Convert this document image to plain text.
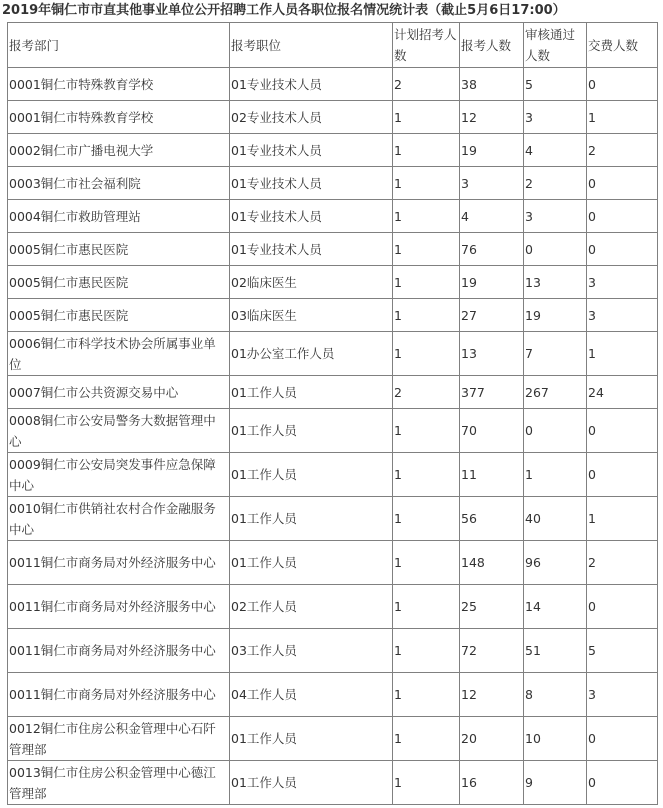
2019年铜仁市市直其他事业单位公开招聘工作人员各职位报名情况统计表（截止5月6日17:00）
报考部门	报考职位	计划招考人数	报考人数	审核通过人数	交费人数
0001铜仁市特殊教育学校	01专业技术人员	2	38	5	0
0001铜仁市特殊教育学校	02专业技术人员	1	12	3	1
0002铜仁市广播电视大学	01专业技术人员	1	19	4	2
0003铜仁市社会福利院	01专业技术人员	1	3	2	0
0004铜仁市救助管理站	01专业技术人员	1	4	3	0
0005铜仁市惠民医院	01专业技术人员	1	76	0	0
0005铜仁市惠民医院	02临床医生	1	19	13	3
0005铜仁市惠民医院	03临床医生	1	27	19	3
0006铜仁市科学技术协会所属事业单位	01办公室工作人员	1	13	7	1
0007铜仁市公共资源交易中心	01工作人员	2	377	267	24
0008铜仁市公安局警务大数据管理中心	01工作人员	1	70	0	0
0009铜仁市公安局突发事件应急保障中心	01工作人员	1	11	1	0
0010铜仁市供销社农村合作金融服务中心	01工作人员	1	56	40	1
0011铜仁市商务局对外经济服务中心	01工作人员	1	148	96	2
0011铜仁市商务局对外经济服务中心	02工作人员	1	25	14	0
0011铜仁市商务局对外经济服务中心	03工作人员	1	72	51	5
0011铜仁市商务局对外经济服务中心	04工作人员	1	12	8	3
0012铜仁市住房公积金管理中心石阡管理部	01工作人员	1	20	10	0
0013铜仁市住房公积金管理中心德江管理部	01工作人员	1	16	9	0
